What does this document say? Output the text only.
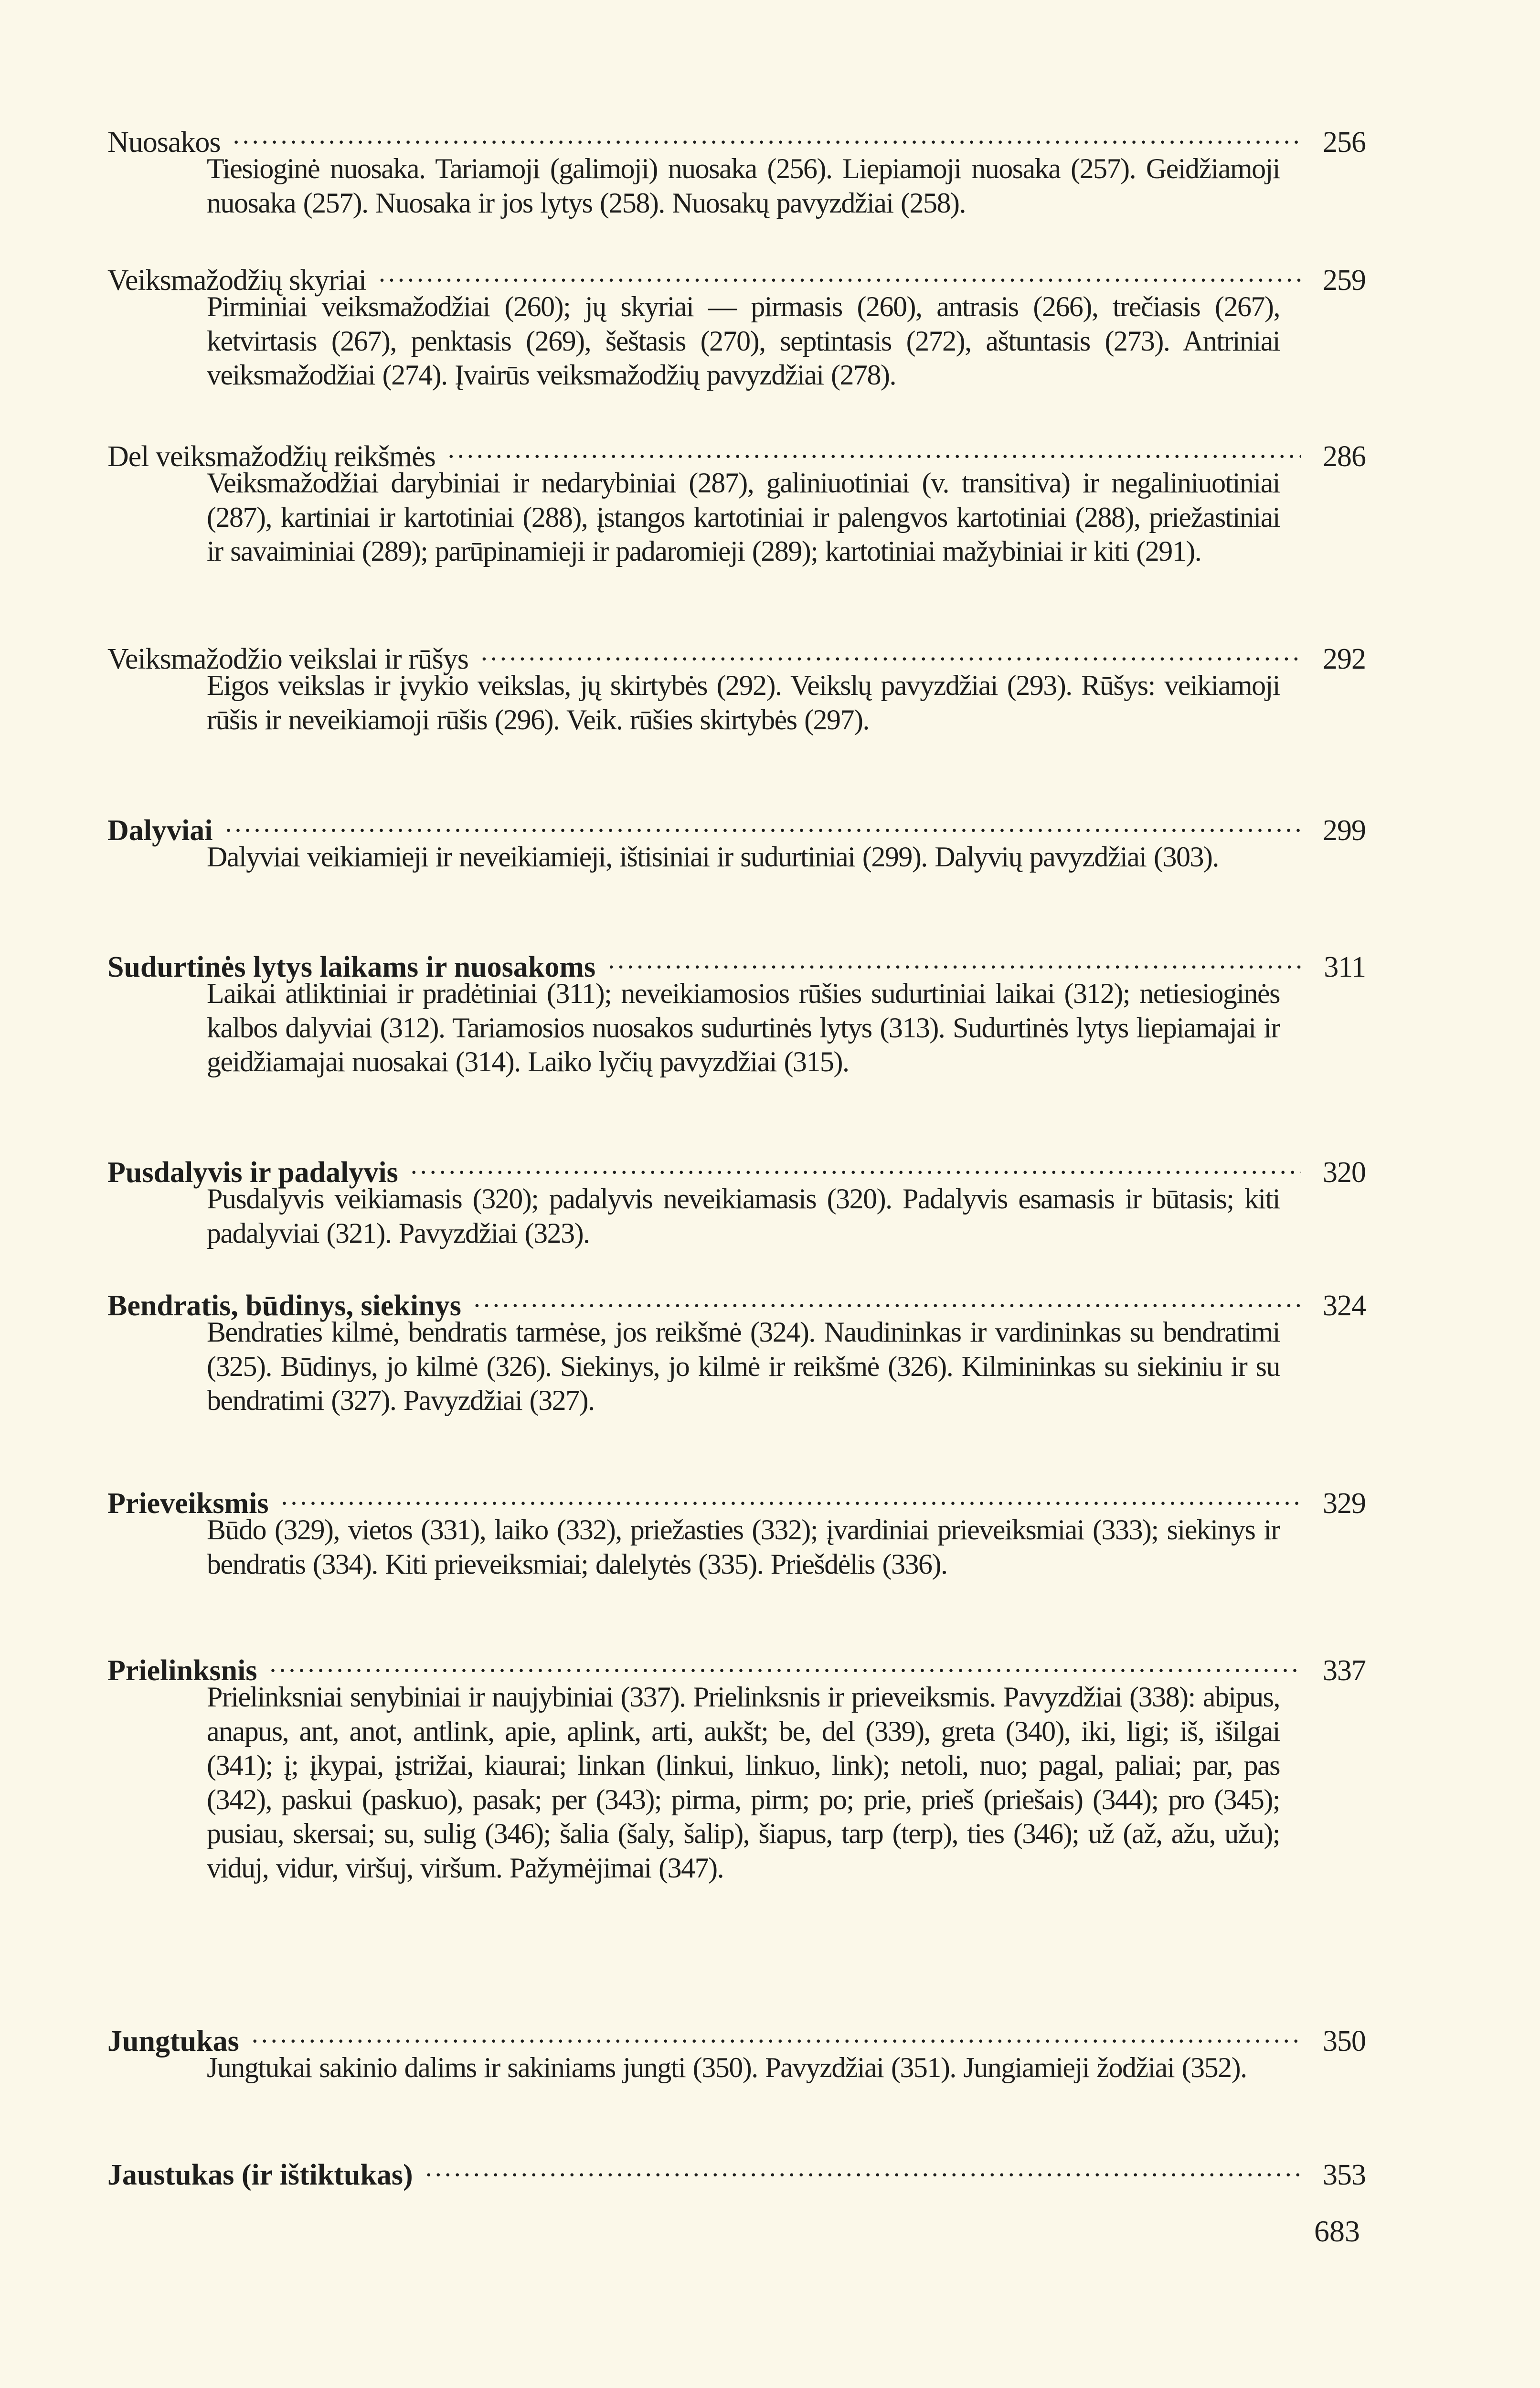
Nuosakos . . .	256
Tiesioginė nuosaka. Tariamoji (galimoji) nuosaka (256). Liepiamoji nuosaka (257). Geidžiamoji nuosaka (257). Nuosaka ir jos lytys (258). Nuosakų pavyzdžiai (258).
Veiksmažodžių skyriai . . .	259
Pirminiai veiksmažodžiai (260); jų skyriai — pirmasis (260), antrasis (266), trečiasis (267), ketvirtasis (267), penktasis (269), šeštasis (270), septintasis (272), aštuntasis (273). Antriniai veiksmažodžiai (274). Įvairūs veiksmažodžių pavyzdžiai (278).
Del veiksmažodžių reikšmės . . .	286
Veiksmažodžiai darybiniai ir nedarybiniai (287), galiniuotiniai (v. transitiva) ir negaliniuotiniai (287), kartiniai ir kartotiniai (288), įstangos kartotiniai ir palengvos kartotiniai (288), priežastiniai ir savaiminiai (289); parūpinamieji ir padaromieji (289); kartotiniai mažybiniai ir kiti (291).
Veiksmažodžio veikslai ir rūšys . . .	292
Eigos veikslas ir įvykio veikslas, jų skirtybės (292). Veikslų pavyzdžiai (293). Rūšys: veikiamoji rūšis ir neveikiamoji rūšis (296). Veik. rūšies skirtybės (297).
Dalyviai . . .	299
Dalyviai veikiamieji ir neveikiamieji, ištisiniai ir sudurtiniai (299). Dalyvių pavyzdžiai (303).
Sudurtinės lytys laikams ir nuosakoms . . .	311
Laikai atliktiniai ir pradėtiniai (311); neveikiamosios rūšies sudurtiniai laikai (312); netiesioginės kalbos dalyviai (312). Tariamosios nuosakos sudurtinės lytys (313). Sudurtinės lytys liepiamajai ir geidžiamajai nuosakai (314). Laiko lyčių pavyzdžiai (315).
Pusdalyvis ir padalyvis . . .	320
Pusdalyvis veikiamasis (320); padalyvis neveikiamasis (320). Padalyvis esamasis ir būtasis; kiti padalyviai (321). Pavyzdžiai (323).
Bendratis, būdinys, siekinys . . .	324
Bendraties kilmė, bendratis tarmėse, jos reikšmė (324). Naudininkas ir vardininkas su bendratimi (325). Būdinys, jo kilmė (326). Siekinys, jo kilmė ir reikšmė (326). Kilmininkas su siekiniu ir su bendratimi (327). Pavyzdžiai (327).
Prieveiksmis . . .	329
Būdo (329), vietos (331), laiko (332), priežasties (332); įvardiniai prieveiksmiai (333); siekinys ir bendratis (334). Kiti prieveiksmiai; dalelytės (335). Priešdėlis (336).
Prielinksnis . . .	337
Prielinksniai senybiniai ir naujybiniai (337). Prielinksnis ir prieveiksmis. Pavyzdžiai (338): abipus, anapus, ant, anot, antlink, apie, aplink, arti, aukšt; be, del (339), greta (340), iki, ligi; iš, išilgai (341); į; įkypai, įstrižai, kiaurai; linkan (linkui, linkuo, link); netoli, nuo; pagal, paliai; par, pas (342), paskui (paskuo), pasak; per (343); pirma, pirm; po; prie, prieš (priešais) (344); pro (345); pusiau, skersai; su, sulig (346); šalia (šaly, šalip), šiapus, tarp (terp), ties (346); už (až, ažu, užu); viduj, vidur, viršuj, viršum. Pažymėjimai (347).
Jungtukas . . .	350
Jungtukai sakinio dalims ir sakiniams jungti (350). Pavyzdžiai (351). Jungiamieji žodžiai (352).
Jaustukas (ir ištiktukas) . . .	353
683
